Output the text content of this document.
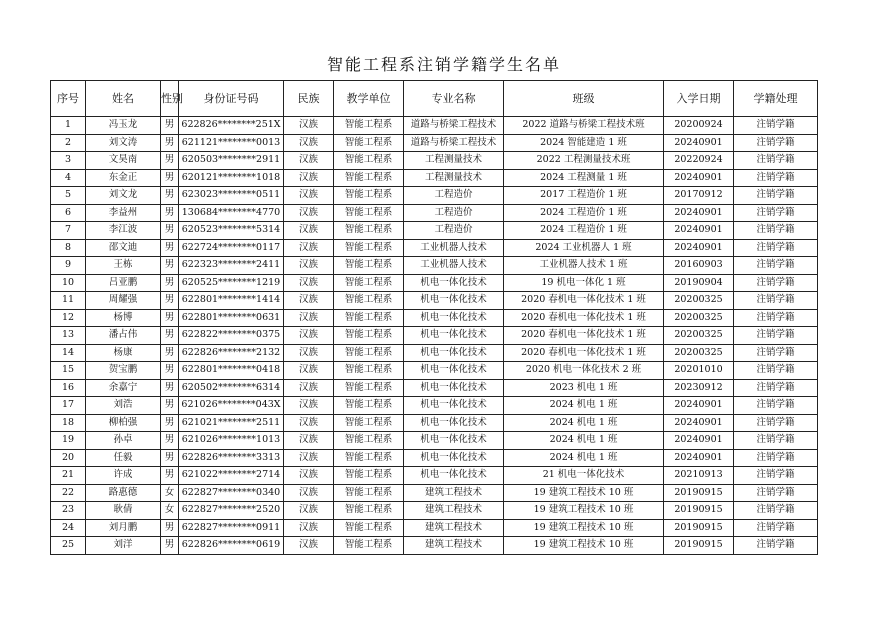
智能工程系注销学籍学生名单
序号	姓名	性别	身份证号码	民族	教学单位	专业名称	班级	入学日期	学籍处理
1	冯玉龙	男	622826********251X	汉族	智能工程系	道路与桥梁工程技术	2022 道路与桥梁工程技术班	20200924	注销学籍
2	刘文涛	男	621121********0013	汉族	智能工程系	道路与桥梁工程技术	2024 智能建造 1 班	20240901	注销学籍
3	文昊南	男	620503********2911	汉族	智能工程系	工程测量技术	2022 工程测量技术班	20220924	注销学籍
4	东金正	男	620121********1018	汉族	智能工程系	工程测量技术	2024 工程测量 1 班	20240901	注销学籍
5	刘文龙	男	623023********0511	汉族	智能工程系	工程造价	2017 工程造价 1 班	20170912	注销学籍
6	李益州	男	130684********4770	汉族	智能工程系	工程造价	2024 工程造价 1 班	20240901	注销学籍
7	李江波	男	620523********5314	汉族	智能工程系	工程造价	2024 工程造价 1 班	20240901	注销学籍
8	邵文迪	男	622724********0117	汉族	智能工程系	工业机器人技术	2024 工业机器人 1 班	20240901	注销学籍
9	王栋	男	622323********2411	汉族	智能工程系	工业机器人技术	工业机器人技术 1 班	20160903	注销学籍
10	吕亚鹏	男	620525********1219	汉族	智能工程系	机电一体化技术	19 机电一体化 1 班	20190904	注销学籍
11	周耀强	男	622801********1414	汉族	智能工程系	机电一体化技术	2020 春机电一体化技术 1 班	20200325	注销学籍
12	杨博	男	622801********0631	汉族	智能工程系	机电一体化技术	2020 春机电一体化技术 1 班	20200325	注销学籍
13	潘占伟	男	622822********0375	汉族	智能工程系	机电一体化技术	2020 春机电一体化技术 1 班	20200325	注销学籍
14	杨康	男	622826********2132	汉族	智能工程系	机电一体化技术	2020 春机电一体化技术 1 班	20200325	注销学籍
15	贺宝鹏	男	622801********0418	汉族	智能工程系	机电一体化技术	2020 机电一体化技术 2 班	20201010	注销学籍
16	余嘉宁	男	620502********6314	汉族	智能工程系	机电一体化技术	2023 机电 1 班	20230912	注销学籍
17	刘浩	男	621026********043X	汉族	智能工程系	机电一体化技术	2024 机电 1 班	20240901	注销学籍
18	柳柏强	男	621021********2511	汉族	智能工程系	机电一体化技术	2024 机电 1 班	20240901	注销学籍
19	孙卓	男	621026********1013	汉族	智能工程系	机电一体化技术	2024 机电 1 班	20240901	注销学籍
20	任毅	男	622826********3313	汉族	智能工程系	机电一体化技术	2024 机电 1 班	20240901	注销学籍
21	许成	男	621022********2714	汉族	智能工程系	机电一体化技术	21 机电一体化技术	20210913	注销学籍
22	路惠德	女	622827********0340	汉族	智能工程系	建筑工程技术	19 建筑工程技术 10 班	20190915	注销学籍
23	耿倩	女	622827********2520	汉族	智能工程系	建筑工程技术	19 建筑工程技术 10 班	20190915	注销学籍
24	刘月鹏	男	622827********0911	汉族	智能工程系	建筑工程技术	19 建筑工程技术 10 班	20190915	注销学籍
25	刘洋	男	622826********0619	汉族	智能工程系	建筑工程技术	19 建筑工程技术 10 班	20190915	注销学籍
